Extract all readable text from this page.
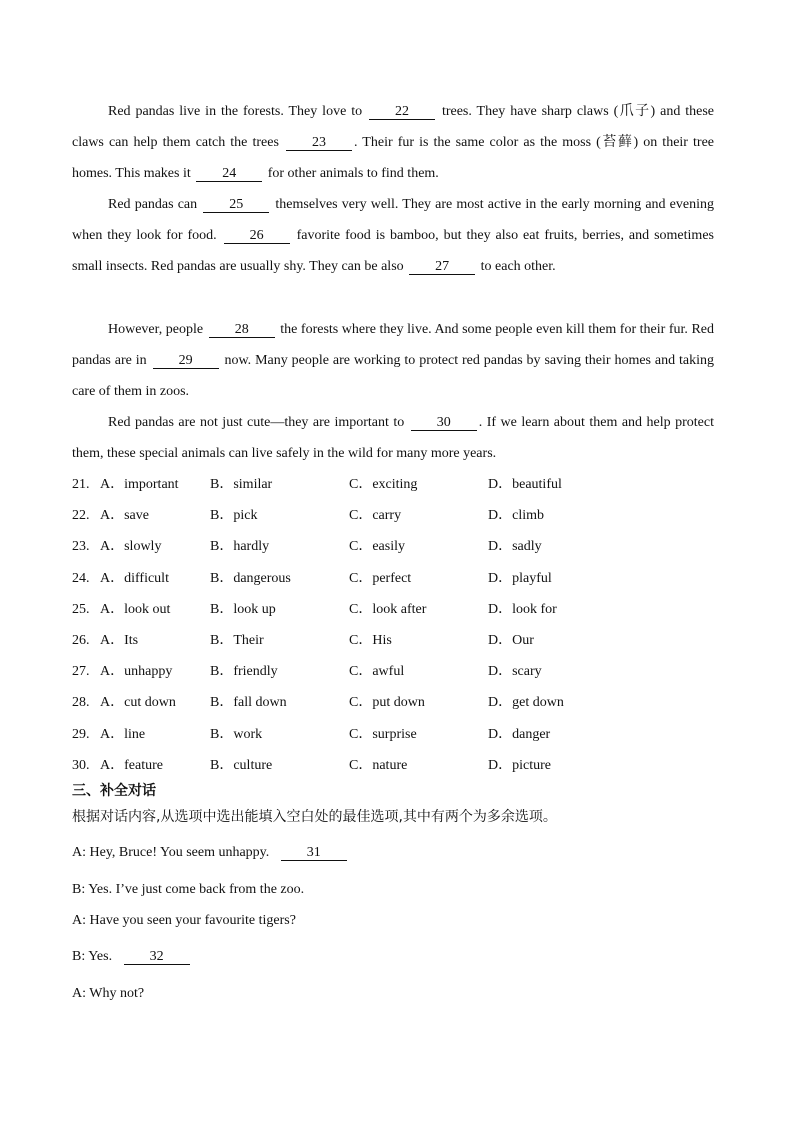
Red pandas live in the forests. They love to 22 trees. They have sharp claws (爪子) and these claws can help them catch the trees 23 . Their fur is the same color as the moss (苔藓) on their tree homes. This makes it 24 for other animals to find them.

Red pandas can 25 themselves very well. They are most active in the early morning and evening when they look for food. 26 favorite food is bamboo, but they also eat fruits, berries, and sometimes small insects. Red pandas are usually shy. They can be also 27 to each other.

However, people 28 the forests where they live. And some people even kill them for their fur. Red pandas are in 29 now. Many people are working to protect red pandas by saving their homes and taking care of them in zoos.

Red pandas are not just cute—they are important to 30 . If we learn about them and help protect them, these special animals can live safely in the wild for many more years.

21. A．important B．similar	C．exciting	D．beautiful
22. A．save	B．pick	C．carry	D．climb
23. A．slowly	B．hardly	C．easily	D．sadly
24. A．difficult	B．dangerous	C．perfect	D．playful
25. A．look out	B．look up	C．look after	D．look for
26. A．Its	B．Their	C．His	D．Our
27. A．unhappy	B．friendly	C．awful	D．scary
28. A．cut down B．fall down	C．put down	D．get down
29. A．line	B．work	C．surprise	D．danger
30. A．feature	B．culture	C．nature	D．picture
三、补全对话
根据对话内容,从选项中选出能填入空白处的最佳选项,其中有两个为多余选项。
A: Hey, Bruce! You seem unhappy.	31
B: Yes. I’ve just come back from the zoo.
A: Have you seen your favourite tigers?
B: Yes.	32
A: Why not?
